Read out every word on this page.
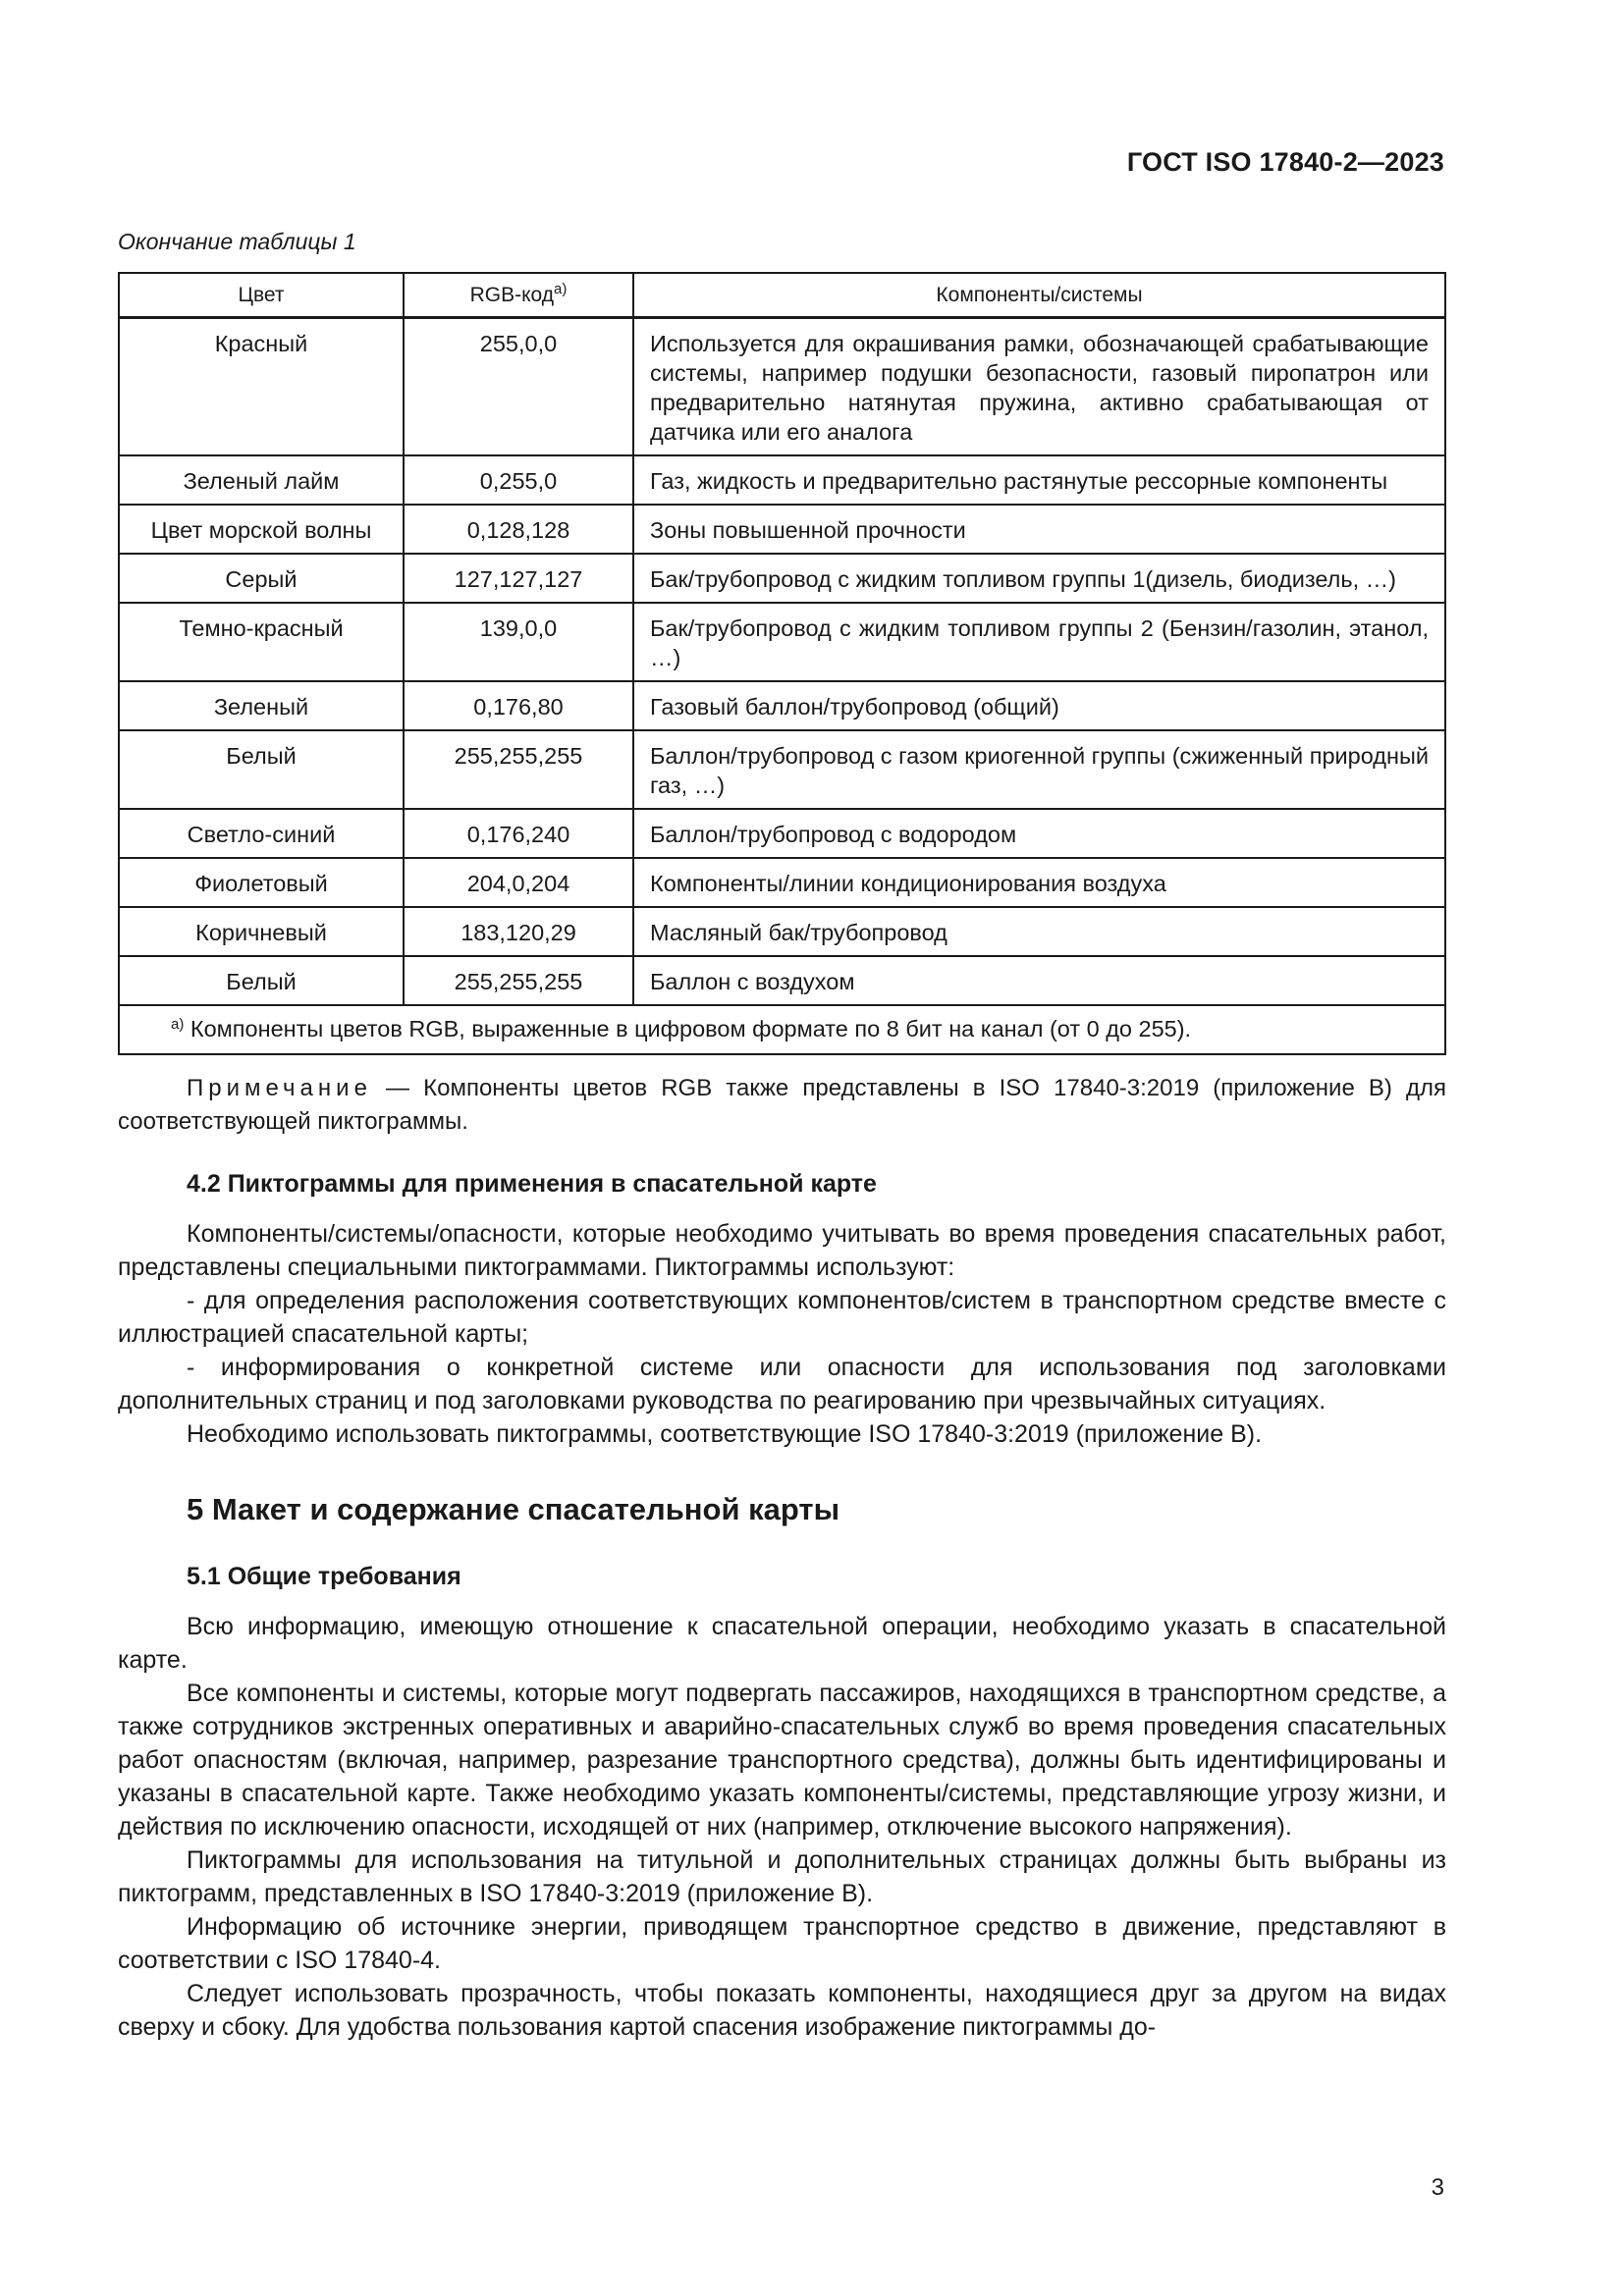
ГОСТ ISO 17840-2—2023
Окончание таблицы 1
Цвет	RGB-код$^{а)}$	Компоненты/системы
Красный	255,0,0	Используется для окрашивания рамки, обозначающей срабатывающие системы, например подушки безопасности, газовый пиропатрон или предварительно натянутая пружина, активно срабатывающая от датчика или его аналога
Зеленый лайм	0,255,0	Газ, жидкость и предварительно растянутые рессорные компоненты
Цвет морской волны	0,128,128	Зоны повышенной прочности
Серый	127,127,127	Бак/трубопровод с жидким топливом группы 1(дизель, биодизель, …)
Темно-красный	139,0,0	Бак/трубопровод с жидким топливом группы 2 (Бензин/газолин, этанол, …)
Зеленый	0,176,80	Газовый баллон/трубопровод (общий)
Белый	255,255,255	Баллон/трубопровод с газом криогенной группы (сжиженный природный газ, …)
Светло-синий	0,176,240	Баллон/трубопровод с водородом
Фиолетовый	204,0,204	Компоненты/линии кондиционирования воздуха
Коричневый	183,120,29	Масляный бак/трубопровод
Белый	255,255,255	Баллон с воздухом
$^{а)}$ Компоненты цветов RGB, выраженные в цифровом формате по 8 бит на канал (от 0 до 255).		
Примечание — Компоненты цветов RGB также представлены в ISO 17840-3:2019 (приложение B) для соответствующей пиктограммы.
4.2 Пиктограммы для применения в спасательной карте

Компоненты/системы/опасности, которые необходимо учитывать во время проведения спасательных работ, представлены специальными пиктограммами. Пиктограммы используют:

- для определения расположения соответствующих компонентов/систем в транспортном средстве вместе с иллюстрацией спасательной карты;

- информирования о конкретной системе или опасности для использования под заголовками дополнительных страниц и под заголовками руководства по реагированию при чрезвычайных ситуациях.

Необходимо использовать пиктограммы, соответствующие ISO 17840-3:2019 (приложение B).

5 Макет и содержание спасательной карты
5.1 Общие требования

Всю информацию, имеющую отношение к спасательной операции, необходимо указать в спасательной карте.

Все компоненты и системы, которые могут подвергать пассажиров, находящихся в транспортном средстве, а также сотрудников экстренных оперативных и аварийно-спасательных служб во время проведения спасательных работ опасностям (включая, например, разрезание транспортного средства), должны быть идентифицированы и указаны в спасательной карте. Также необходимо указать компоненты/системы, представляющие угрозу жизни, и действия по исключению опасности, исходящей от них (например, отключение высокого напряжения).

Пиктограммы для использования на титульной и дополнительных страницах должны быть выбраны из пиктограмм, представленных в ISO 17840-3:2019 (приложение B).

Информацию об источнике энергии, приводящем транспортное средство в движение, представляют в соответствии с ISO 17840-4.

Следует использовать прозрачность, чтобы показать компоненты, находящиеся друг за другом на видах сверху и сбоку. Для удобства пользования картой спасения изображение пиктограммы до-

3
